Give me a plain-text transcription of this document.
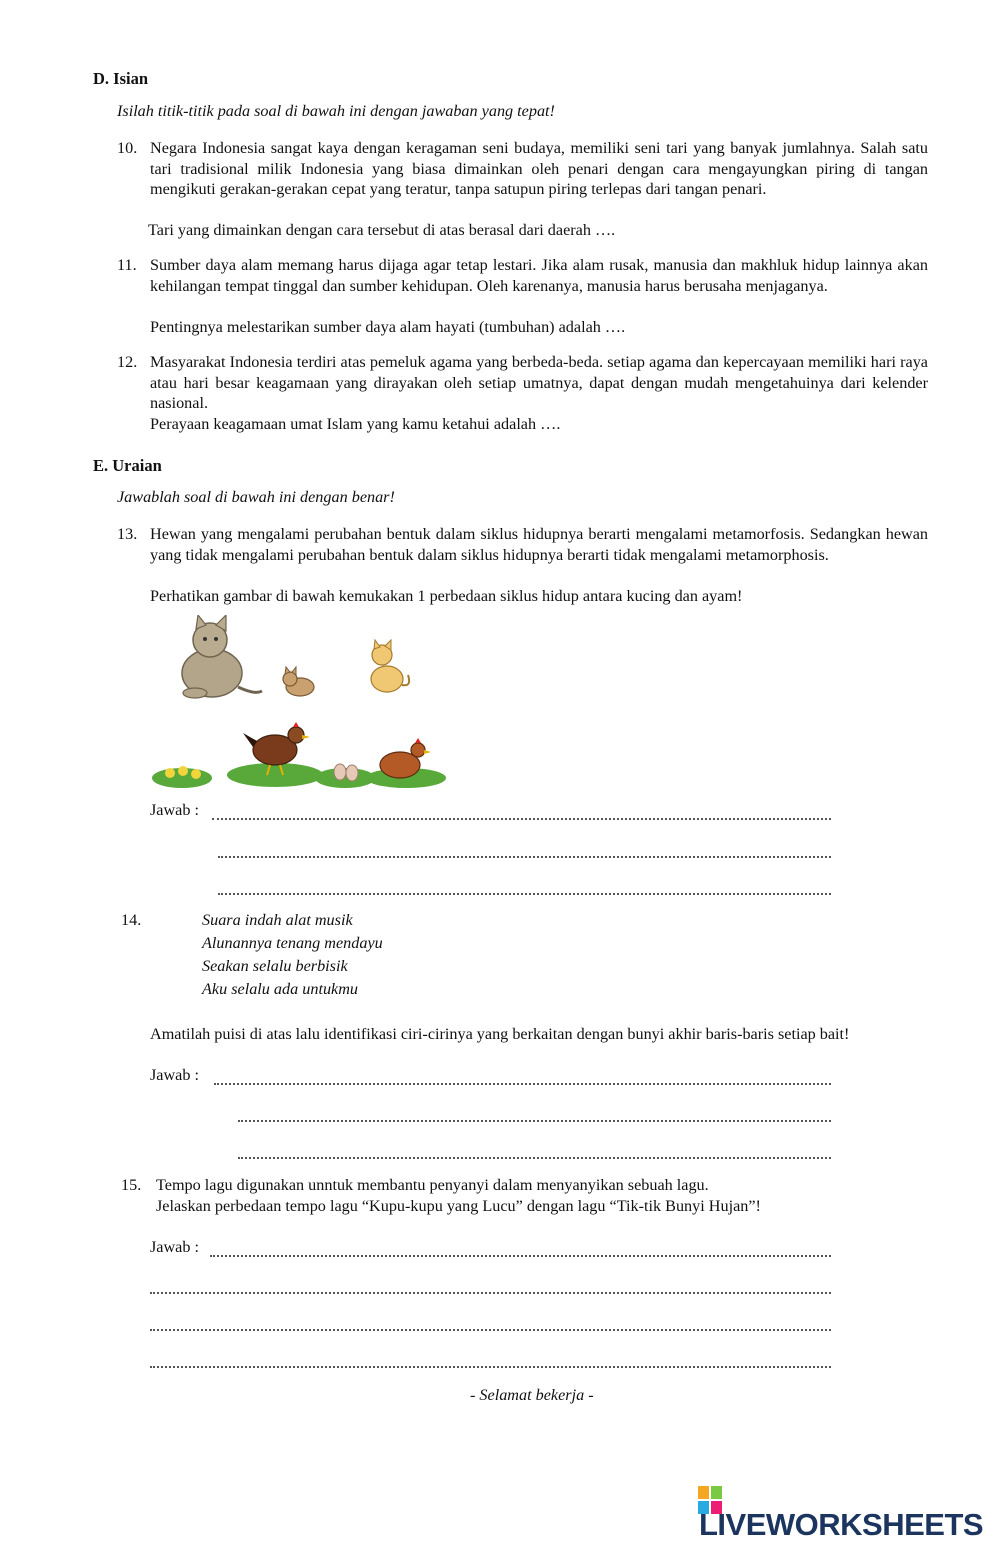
D. Isian
Isilah titik-titik pada soal di bawah ini dengan jawaban yang tepat!
10. Negara Indonesia sangat kaya dengan keragaman seni budaya, memiliki seni tari yang banyak jumlahnya. Salah satu tari tradisional milik Indonesia yang biasa dimainkan oleh penari dengan cara mengayungkan piring di tangan mengikuti gerakan-gerakan cepat yang teratur, tanpa satupun piring terlepas dari tangan penari.
Tari yang dimainkan dengan cara tersebut di atas berasal dari daerah ….
11. Sumber daya alam memang harus dijaga agar tetap lestari. Jika alam rusak, manusia dan makhluk hidup lainnya akan kehilangan tempat tinggal dan sumber kehidupan. Oleh karenanya, manusia harus berusaha menjaganya.
Pentingnya melestarikan sumber daya alam hayati (tumbuhan) adalah ….
12. Masyarakat Indonesia terdiri atas pemeluk agama yang berbeda-beda. setiap agama dan kepercayaan memiliki hari raya atau hari besar keagamaan yang dirayakan oleh setiap umatnya, dapat dengan mudah mengetahuinya dari kelender nasional.
Perayaan keagamaan umat Islam yang kamu ketahui adalah ….
E. Uraian
Jawablah soal di bawah ini dengan benar!
13. Hewan yang mengalami perubahan bentuk dalam siklus hidupnya berarti mengalami metamorfosis. Sedangkan hewan yang tidak mengalami perubahan bentuk dalam siklus hidupnya berarti tidak mengalami metamorphosis.
Perhatikan gambar di bawah kemukakan 1 perbedaan siklus hidup antara kucing dan ayam!
Jawab :
14.	Suara indah alat musik
Alunannya tenang mendayu
Seakan selalu berbisik
Aku selalu ada untukmu
Amatilah puisi di atas lalu identifikasi ciri-cirinya yang berkaitan dengan bunyi akhir baris-baris setiap bait!
Jawab :
15. Tempo lagu digunakan unntuk membantu penyanyi dalam menyanyikan sebuah lagu.
Jelaskan perbedaan tempo lagu “Kupu-kupu yang Lucu” dengan lagu “Tik-tik Bunyi Hujan”!
Jawab :
- Selamat bekerja -
LIVEWORKSHEETS
